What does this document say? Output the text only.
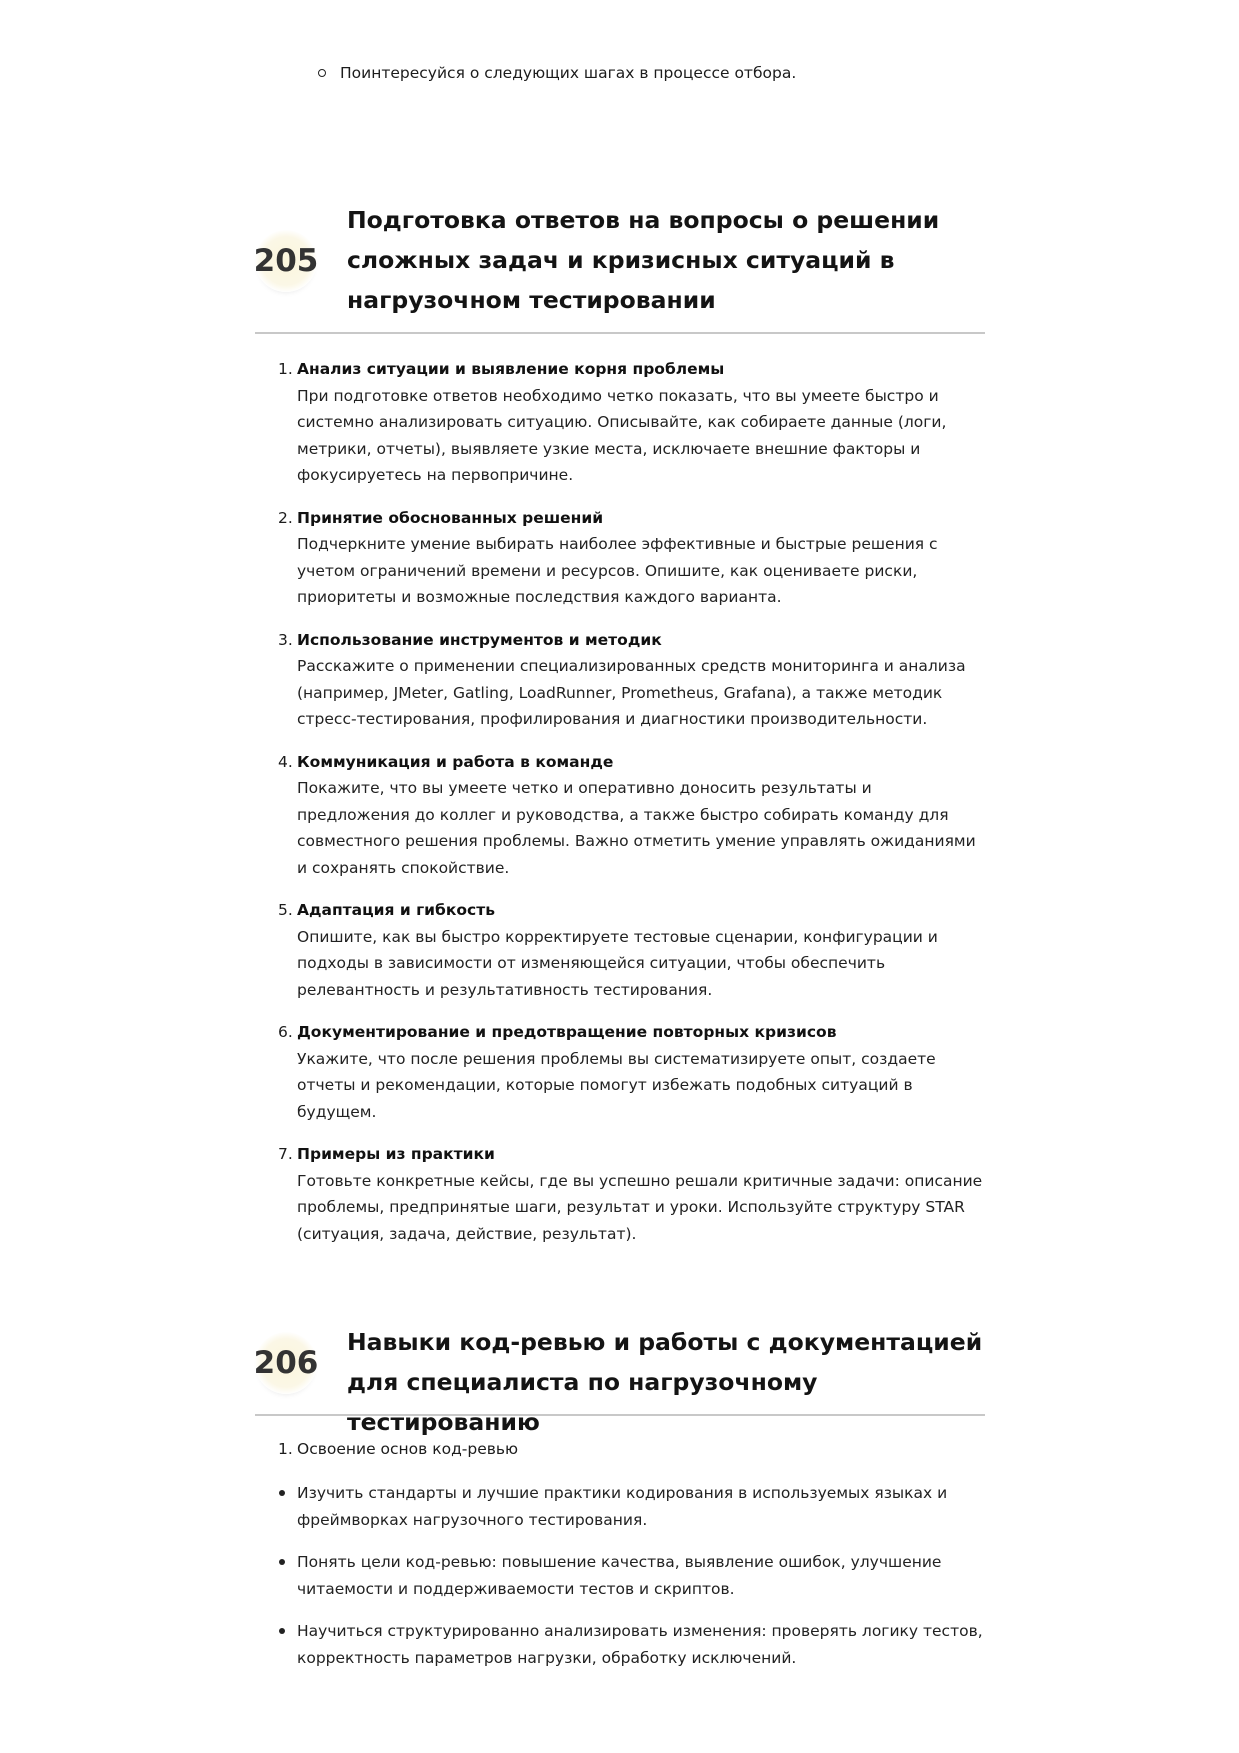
Поинтересуйся о следующих шагах в процессе отбора.
205
Подготовка ответов на вопросы о решении сложных задач и кризисных ситуаций в нагрузочном тестировании
1. Анализ ситуации и выявление корня проблемы
При подготовке ответов необходимо четко показать, что вы умеете быстро и системно анализировать ситуацию. Описывайте, как собираете данные (логи, метрики, отчеты), выявляете узкие места, исключаете внешние факторы и фокусируетесь на первопричине.
2. Принятие обоснованных решений
Подчеркните умение выбирать наиболее эффективные и быстрые решения с учетом ограничений времени и ресурсов. Опишите, как оцениваете риски, приоритеты и возможные последствия каждого варианта.
3. Использование инструментов и методик
Расскажите о применении специализированных средств мониторинга и анализа (например, JMeter, Gatling, LoadRunner, Prometheus, Grafana), а также методик стресс-тестирования, профилирования и диагностики производительности.
4. Коммуникация и работа в команде
Покажите, что вы умеете четко и оперативно доносить результаты и предложения до коллег и руководства, а также быстро собирать команду для совместного решения проблемы. Важно отметить умение управлять ожиданиями и сохранять спокойствие.
5. Адаптация и гибкость
Опишите, как вы быстро корректируете тестовые сценарии, конфигурации и подходы в зависимости от изменяющейся ситуации, чтобы обеспечить релевантность и результативность тестирования.
6. Документирование и предотвращение повторных кризисов
Укажите, что после решения проблемы вы систематизируете опыт, создаете отчеты и рекомендации, которые помогут избежать подобных ситуаций в будущем.
7. Примеры из практики
Готовьте конкретные кейсы, где вы успешно решали критичные задачи: описание проблемы, предпринятые шаги, результат и уроки. Используйте структуру STAR (ситуация, задача, действие, результат).
206
Навыки код-ревью и работы с документацией для специалиста по нагрузочному тестированию
1. Освоение основ код-ревью
Изучить стандарты и лучшие практики кодирования в используемых языках и фреймворках нагрузочного тестирования.
Понять цели код-ревью: повышение качества, выявление ошибок, улучшение читаемости и поддерживаемости тестов и скриптов.
Научиться структурированно анализировать изменения: проверять логику тестов, корректность параметров нагрузки, обработку исключений.
